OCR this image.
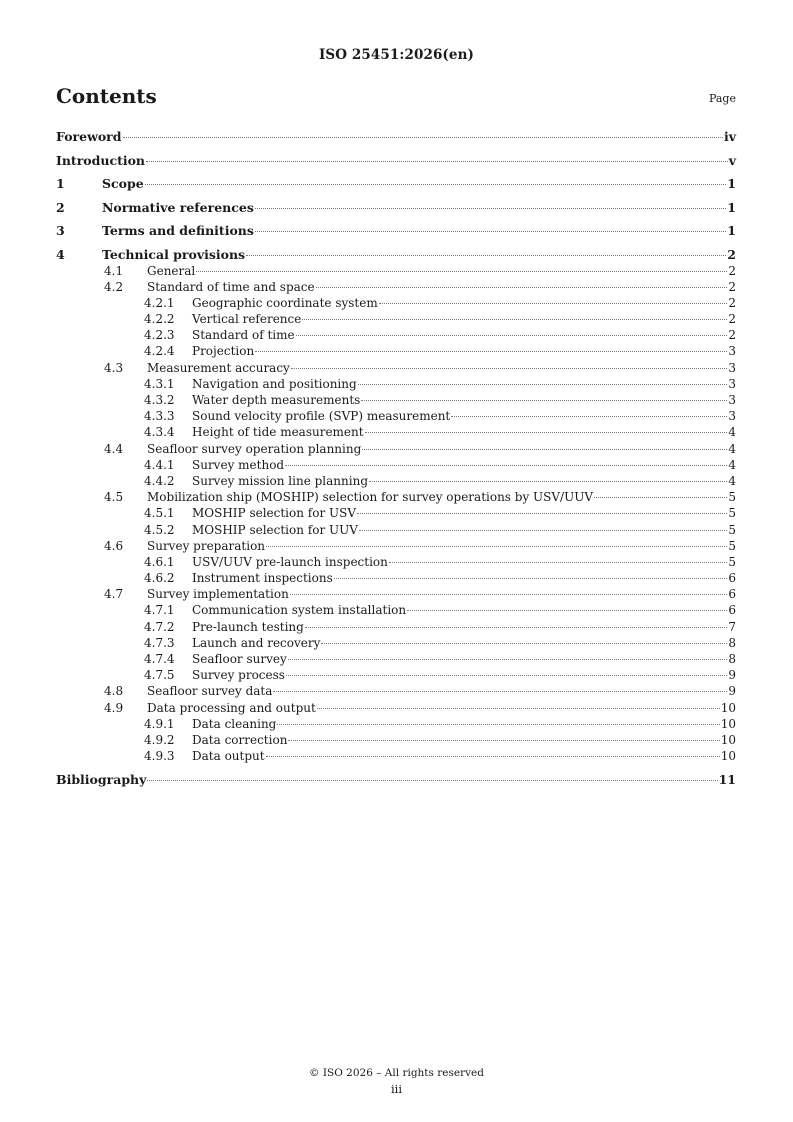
ISO 25451:2026(en)
Contents	Page
Foreword	iv
Introduction	v
1	Scope	1
2	Normative references	1
3	Terms and definitions	1
4	Technical provisions	2
4.1	General	2
4.2	Standard of time and space	2
4.2.1	Geographic coordinate system	2
4.2.2	Vertical reference	2
4.2.3	Standard of time	2
4.2.4	Projection	3
4.3	Measurement accuracy	3
4.3.1	Navigation and positioning	3
4.3.2	Water depth measurements	3
4.3.3	Sound velocity profile (SVP) measurement	3
4.3.4	Height of tide measurement	4
4.4	Seafloor survey operation planning	4
4.4.1	Survey method	4
4.4.2	Survey mission line planning	4
4.5	Mobilization ship (MOSHIP) selection for survey operations by USV/UUV	5
4.5.1	MOSHIP selection for USV	5
4.5.2	MOSHIP selection for UUV	5
4.6	Survey preparation	5
4.6.1	USV/UUV pre-launch inspection	5
4.6.2	Instrument inspections	6
4.7	Survey implementation	6
4.7.1	Communication system installation	6
4.7.2	Pre-launch testing	7
4.7.3	Launch and recovery	8
4.7.4	Seafloor survey	8
4.7.5	Survey process	9
4.8	Seafloor survey data	9
4.9	Data processing and output	10
4.9.1	Data cleaning	10
4.9.2	Data correction	10
4.9.3	Data output	10
Bibliography	11
© ISO 2026 – All rights reserved
iii
